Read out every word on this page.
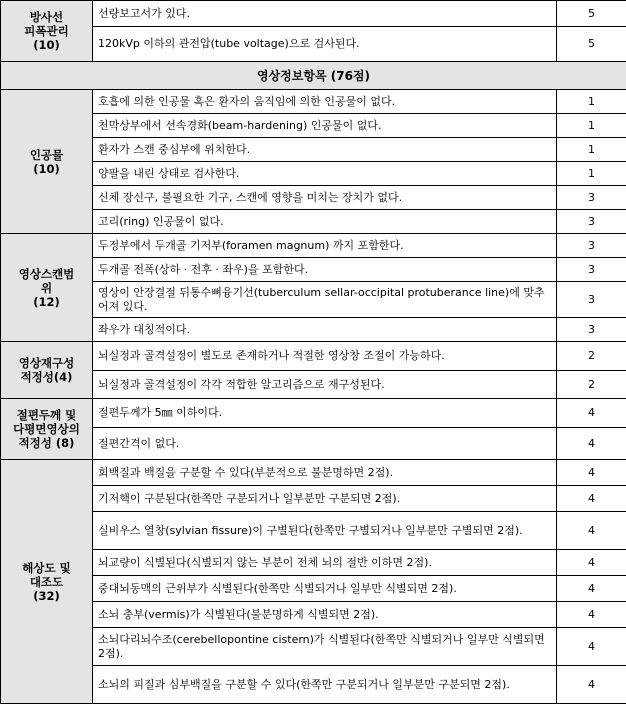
방사선
피폭관리
(10)	선량보고서가 있다.	5
	120kVp 이하의 관전압(tube voltage)으로 검사된다.	5
영상정보항목 (76점)		

인공물
(10)	호흡에 의한 인공물 혹은 환자의 움직임에 의한 인공물이 없다.	1
	천막상부에서 선속경화(beam-hardening) 인공물이 없다.	1
	환자가 스캔 중심부에 위치한다.	1
	양팔을 내린 상태로 검사한다.	1
	신체 장신구, 불필요한 기구, 스캔에 영향을 미치는 장치가 없다.	3
	고리(ring) 인공물이 없다.	3

영상스캔범
위
(12)	두정부에서 두개골 기저부(foramen magnum) 까지 포함한다.	3
	두개골 전폭(상하 · 전후 · 좌우)을 포함한다.	3
	영상이 안장결절 뒤통수뼈융기선(tuberculum sellar-occipital protuberance line)에 맞추어져 있다.	3
	좌우가 대칭적이다.	3

영상재구성
적정성(4)	뇌실정과 골격설정이 별도로 존재하거나 적절한 영상창 조절이 가능하다.	2
	뇌실정과 골격설정이 각각 적합한 알고리즘으로 재구성된다.	2

절편두께 및
다평면영상의
적정성 (8)	절편두께가 5㎜ 이하이다.	4
	절편간격이 없다.	4

해상도 및
대조도
(32)	회백질과 백질을 구분할 수 있다(부분적으로 불분명하면 2점).	4
	기저핵이 구분된다(한쪽만 구분되거나 일부분만 구분되면 2점).	4
	실비우스 열창(sylvian fissure)이 구별된다(한쪽만 구별되거나 일부분만 구별되면 2점).	4
	뇌교량이 식별된다(식별되지 않는 부분이 전체 뇌의 절반 이하면 2점).	4
	중대뇌동맥의 근위부가 식별된다(한쪽만 식별되거나 일부만 식별되면 2점).	4
	소뇌 충부(vermis)가 식별된다(불분명하게 식별되면 2점).	4
	소뇌다리뇌수조(cerebellopontine cistern)가 식별된다(한쪽만 식별되거나 일부만 식별되면 2점).	4
	소뇌의 피질과 심부백질을 구분할 수 있다(한쪽만 구분되거나 일부분만 구분되면 2점).	4
